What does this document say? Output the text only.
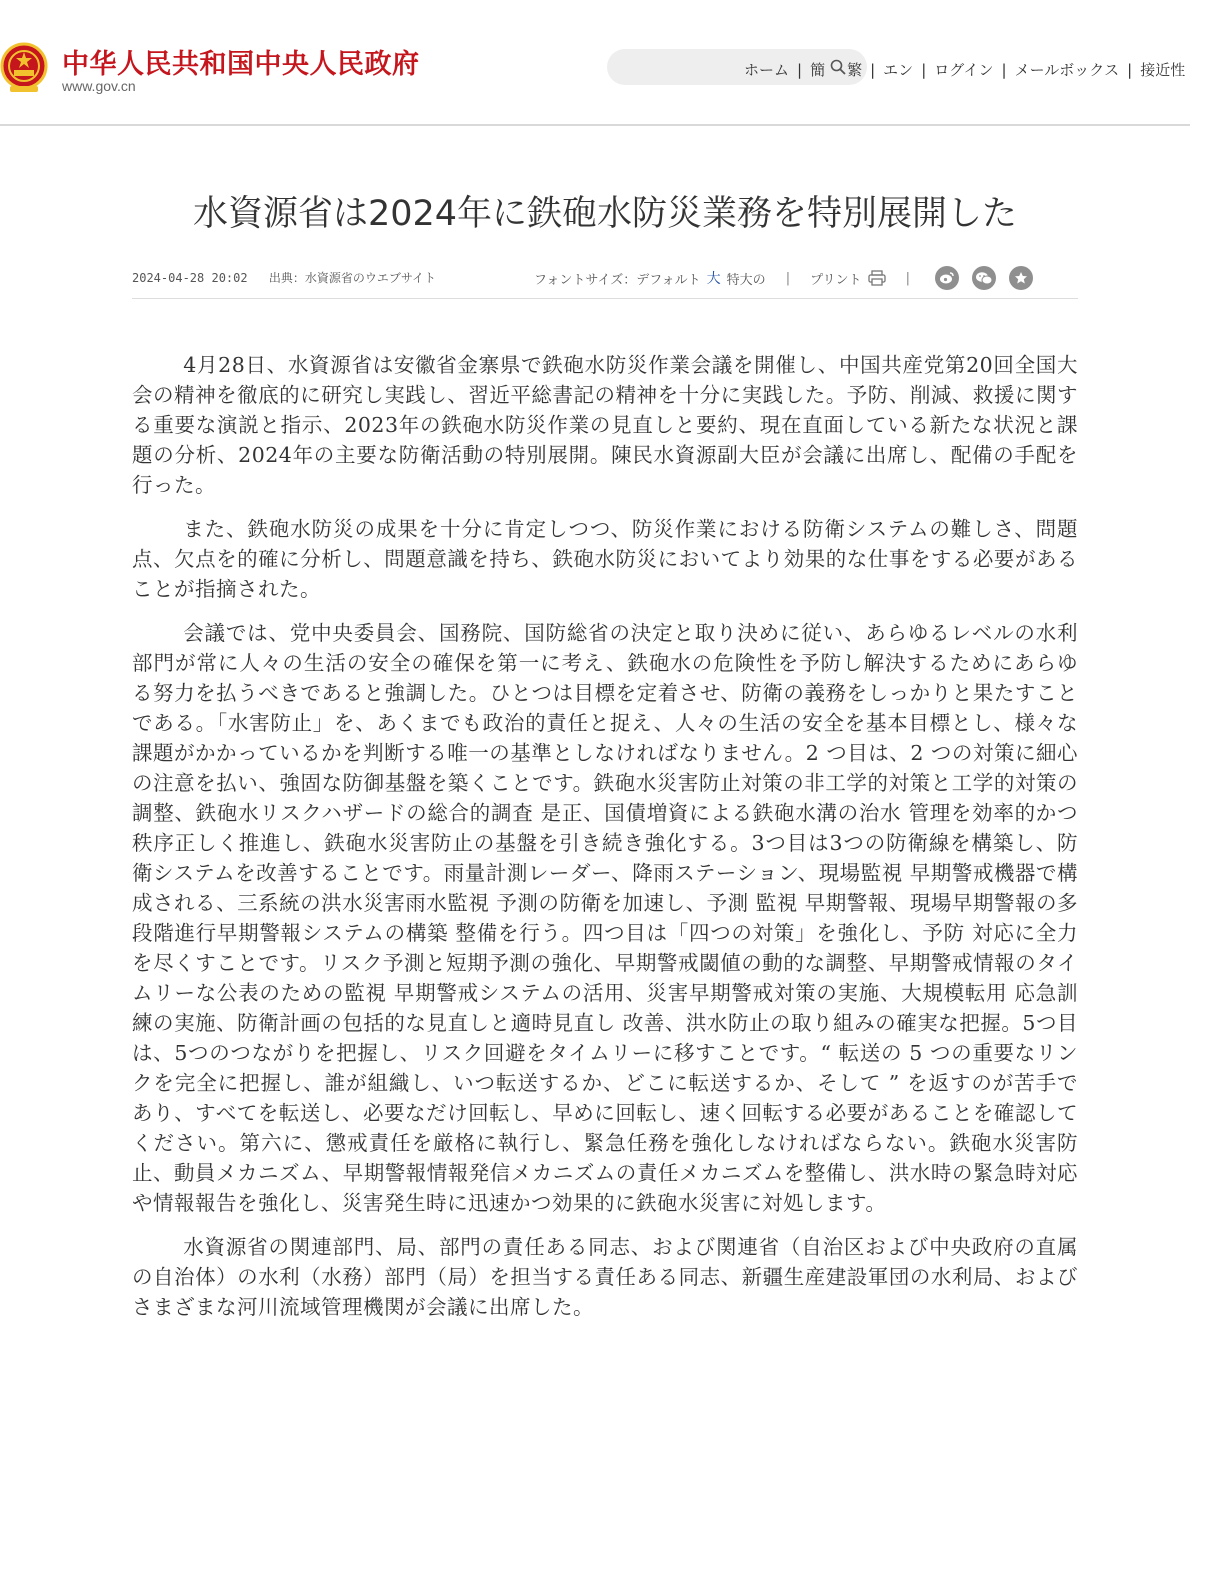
中华人民共和国中央人民政府
www.gov.cn
ホーム | 簡 繁 | エン | ログイン | メールボックス | 接近性
水資源省は2024年に鉄砲水防災業務を特別展開した
2024-04-28 20:02 出典：水資源省のウエブサイト	フォントサイズ：デフォルト 大 特大の | プリント	|

4月28日、水資源省は安徽省金寨県で鉄砲水防災作業会議を開催し、中国共産党第20回全国大会の精神を徹底的に研究し実践し、習近平総書記の精神を十分に実践した。予防、削減、救援に関する重要な演説と指示、2023年の鉄砲水防災作業の見直しと要約、現在直面している新たな状況と課題の分析、2024年の主要な防衛活動の特別展開。陳民水資源副大臣が会議に出席し、配備の手配を行った。

また、鉄砲水防災の成果を十分に肯定しつつ、防災作業における防衛システムの難しさ、問題点、欠点を的確に分析し、問題意識を持ち、鉄砲水防災においてより効果的な仕事をする必要があることが指摘された。

会議では、党中央委員会、国務院、国防総省の決定と取り決めに従い、あらゆるレベルの水利部門が常に人々の生活の安全の確保を第一に考え、鉄砲水の危険性を予防し解決するためにあらゆる努力を払うべきであると強調した。ひとつは目標を定着させ、防衛の義務をしっかりと果たすことである。「水害防止」を、あくまでも政治的責任と捉え、人々の生活の安全を基本目標とし、様々な課題がかかっているかを判断する唯一の基準としなければなりません。2 つ目は、2 つの対策に細心の注意を払い、強固な防御基盤を築くことです。鉄砲水災害防止対策の非工学的対策と工学的対策の調整、鉄砲水リスクハザードの総合的調査 是正、国債増資による鉄砲水溝の治水 管理を効率的かつ秩序正しく推進し、鉄砲水災害防止の基盤を引き続き強化する。3つ目は3つの防衛線を構築し、防衛システムを改善することです。雨量計測レーダー、降雨ステーション、現場監視 早期警戒機器で構成される、三系統の洪水災害雨水監視 予測の防衛を加速し、予測 監視 早期警報、現場早期警報の多段階進行早期警報システムの構築 整備を行う。四つ目は「四つの対策」を強化し、予防 対応に全力を尽くすことです。リスク予測と短期予測の強化、早期警戒閾値の動的な調整、早期警戒情報のタイムリーな公表のための監視 早期警戒システムの活用、災害早期警戒対策の実施、大規模転用 応急訓練の実施、防衛計画の包括的な見直しと適時見直し 改善、洪水防止の取り組みの確実な把握。5つ目は、5つのつながりを把握し、リスク回避をタイムリーに移すことです。“ 転送の 5 つの重要なリンクを完全に把握し、誰が組織し、いつ転送するか、どこに転送するか、そして ” を返すのが苦手であり、すべてを転送し、必要なだけ回転し、早めに回転し、速く回転する必要があることを確認してください。第六に、懲戒責任を厳格に執行し、緊急任務を強化しなければならない。鉄砲水災害防止、動員メカニズム、早期警報情報発信メカニズムの責任メカニズムを整備し、洪水時の緊急時対応や情報報告を強化し、災害発生時に迅速かつ効果的に鉄砲水災害に対処します。

水資源省の関連部門、局、部門の責任ある同志、および関連省（自治区および中央政府の直属の自治体）の水利（水務）部門（局）を担当する責任ある同志、新疆生産建設軍団の水利局、およびさまざまな河川流域管理機関が会議に出席した。
